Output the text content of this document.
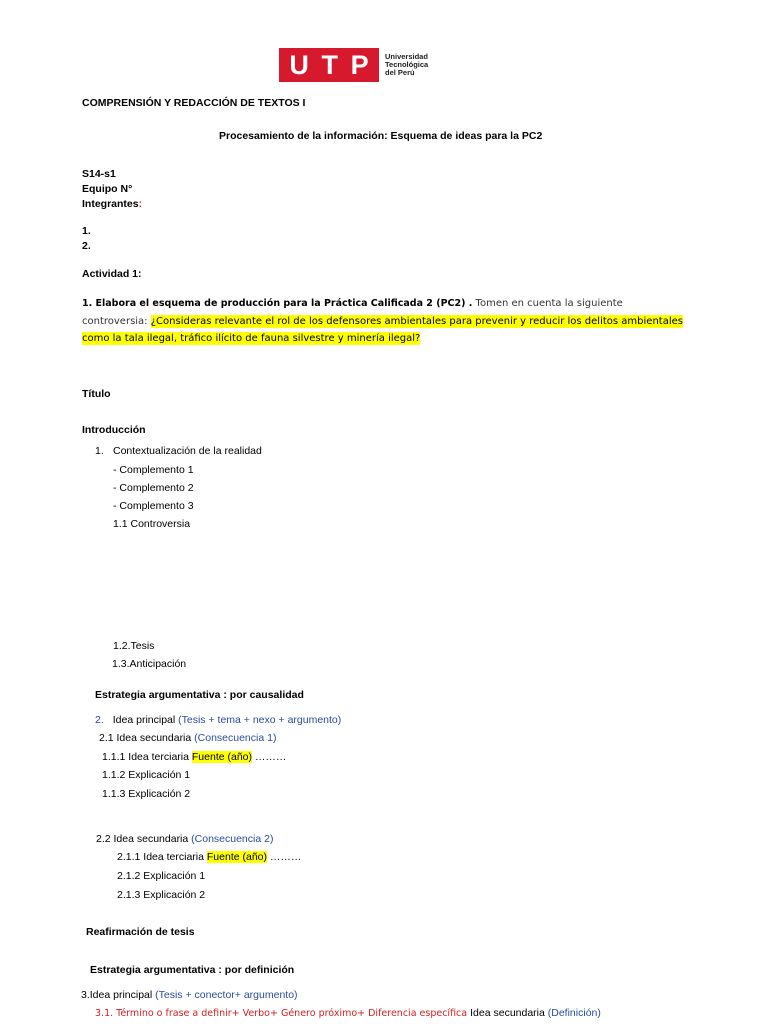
U T P Universidad
Tecnológica
del Perú
COMPRENSIÓN Y REDACCIÓN DE TEXTOS I
Procesamiento de la información: Esquema de ideas para la PC2
S14-s1
Equipo N°
Integrantes:
1.
2.
Actividad 1:
1. Elabora el esquema de producción para la Práctica Calificada 2 (PC2) . Tomen en cuenta la siguiente controversia: ¿Consideras relevante el rol de los defensores ambientales para prevenir y reducir los delitos ambientales como la tala ilegal, tráfico ilícito de fauna silvestre y minería ilegal?
Título
Introducción
1. Contextualización de la realidad
- Complemento 1
- Complemento 2
- Complemento 3
1.1 Controversia
1.2.Tesis
1.3.Anticipación
Estrategia argumentativa : por causalidad
2. Idea principal (Tesis + tema + nexo + argumento)
2.1 Idea secundaria (Consecuencia 1)
1.1.1 Idea terciaria Fuente (año) ………
1.1.2 Explicación 1
1.1.3 Explicación 2
2.2 Idea secundaria (Consecuencia 2)
2.1.1 Idea terciaria Fuente (año) ………
2.1.2 Explicación 1
2.1.3 Explicación 2
Reafirmación de tesis
Estrategia argumentativa : por definición
3.Idea principal (Tesis + conector+ argumento)
3.1. Término o frase a definir+ Verbo+ Género próximo+ Diferencia específica Idea secundaria (Definición)
